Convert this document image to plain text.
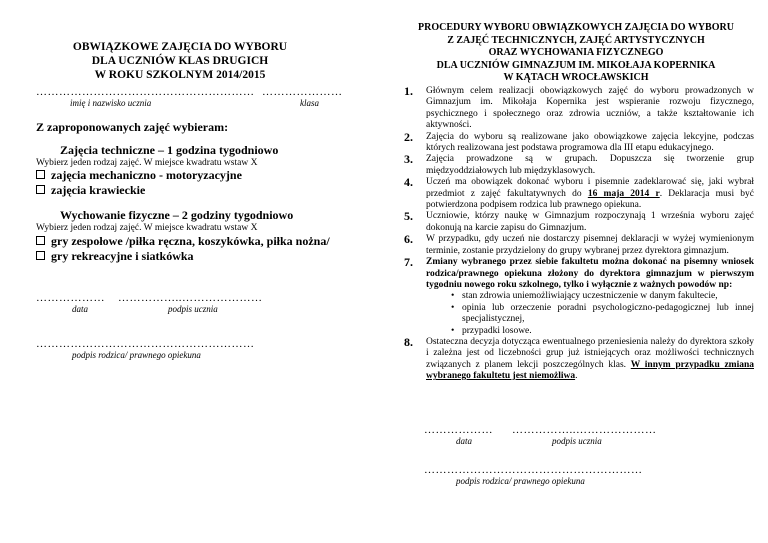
OBWIĄZKOWE ZAJĘCIA DO WYBORU
DLA UCZNIÓW KLAS DRUGICH
W ROKU SZKOLNYM 2014/2015
………………………………………………… …………………
imię i nazwisko ucznia	klasa
Z zaproponowanych zajęć wybieram:
Zajęcia techniczne – 1 godzina tygodniowo
Wybierz jeden rodzaj zajęć. W miejsce kwadratu wstaw X
zajęcia mechaniczno - motoryzacyjne
zajęcia krawieckie
Wychowanie fizyczne – 2 godziny tygodniowo
Wybierz jeden rodzaj zajęć. W miejsce kwadratu wstaw X
gry zespołowe /piłka ręczna, koszykówka, piłka nożna/
gry rekreacyjne i siatkówka
……………… ……………..…………………
data	podpis ucznia
…………………………………………………
podpis rodzica/ prawnego opiekuna
PROCEDURY WYBORU OBWIĄZKOWYCH ZAJĘCIA DO WYBORU
Z ZAJĘĆ TECHNICZNYCH, ZAJĘĆ ARTYSTYCZNYCH
ORAZ WYCHOWANIA FIZYCZNEGO
DLA UCZNIÓW GIMNAZJUM IM. MIKOŁAJA KOPERNIKA
W KĄTACH WROCŁAWSKICH
Głównym celem realizacji obowiązkowych zajęć do wyboru prowadzonych w Gimnazjum im. Mikołaja Kopernika jest wspieranie rozwoju fizycznego, psychicznego i społecznego oraz zdrowia uczniów, a także kształtowanie ich aktywności.
Zajęcia do wyboru są realizowane jako obowiązkowe zajęcia lekcyjne, podczas których realizowana jest podstawa programowa dla III etapu edukacyjnego.
Zajęcia prowadzone są w grupach. Dopuszcza się tworzenie grup międzyoddziałowych lub międzyklasowych.
Uczeń ma obowiązek dokonać wyboru i pisemnie zadeklarować się, jaki wybrał przedmiot z zajęć fakultatywnych do 16 maja 2014 r. Deklaracja musi być potwierdzona podpisem rodzica lub prawnego opiekuna.
Uczniowie, którzy naukę w Gimnazjum rozpoczynają 1 września wyboru zajęć dokonują na karcie zapisu do Gimnazjum.
W przypadku, gdy uczeń nie dostarczy pisemnej deklaracji w wyżej wymienionym terminie, zostanie przydzielony do grupy wybranej przez dyrektora gimnazjum.
Zmiany wybranego przez siebie fakultetu można dokonać na pisemny wniosek rodzica/prawnego opiekuna złożony do dyrektora gimnazjum w pierwszym tygodniu nowego roku szkolnego, tylko i wyłącznie z ważnych powodów np:
• stan zdrowia uniemożliwiający uczestniczenie w danym fakultecie,
• opinia lub orzeczenie poradni psychologiczno-pedagogicznej lub innej specjalistycznej,
• przypadki losowe.
Ostateczna decyzja dotycząca ewentualnego przeniesienia należy do dyrektora szkoły i zależna jest od liczebności grup już istniejących oraz możliwości technicznych związanych z planem lekcji poszczególnych klas. W innym przypadku zmiana wybranego fakultetu jest niemożliwa.
……………… ……………..…………………
data	podpis ucznia
…………………………………………………
podpis rodzica/ prawnego opiekuna
